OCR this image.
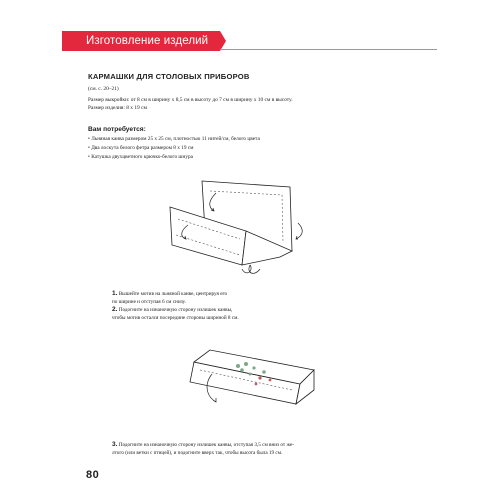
Изготовление изделий
КАРМАШКИ ДЛЯ СТОЛОВЫХ ПРИБОРОВ
(см. с. 20–21)
Размер выкройки: от 8 см в ширину х 8,5 см в высоту до 7 см в ширину х 10 см в высоту.
Размер изделия: 8 х 19 см
Вам потребуется:
• Льняная канва размером 25 х 25 см, плотностью 11 нитей/см, белого цвета
• Два лоскута белого фетра размером 8 х 19 см
• Катушка двухцветного крючко-белого шнура
1. Вышейте мотив на льняной канве, центрируя его
по ширине и отступая 6 см снизу.
2. Подогните на изнаночную сторону излишек канвы,
чтобы мотив остался посередине стороны шириной 8 см.
3. Подогните на изнаночную сторону излишек канвы, отступая 3,5 см вниз от же-
лтого (или ветки с птицей), и подогните вверх так, чтобы высота была 19 см.
80
